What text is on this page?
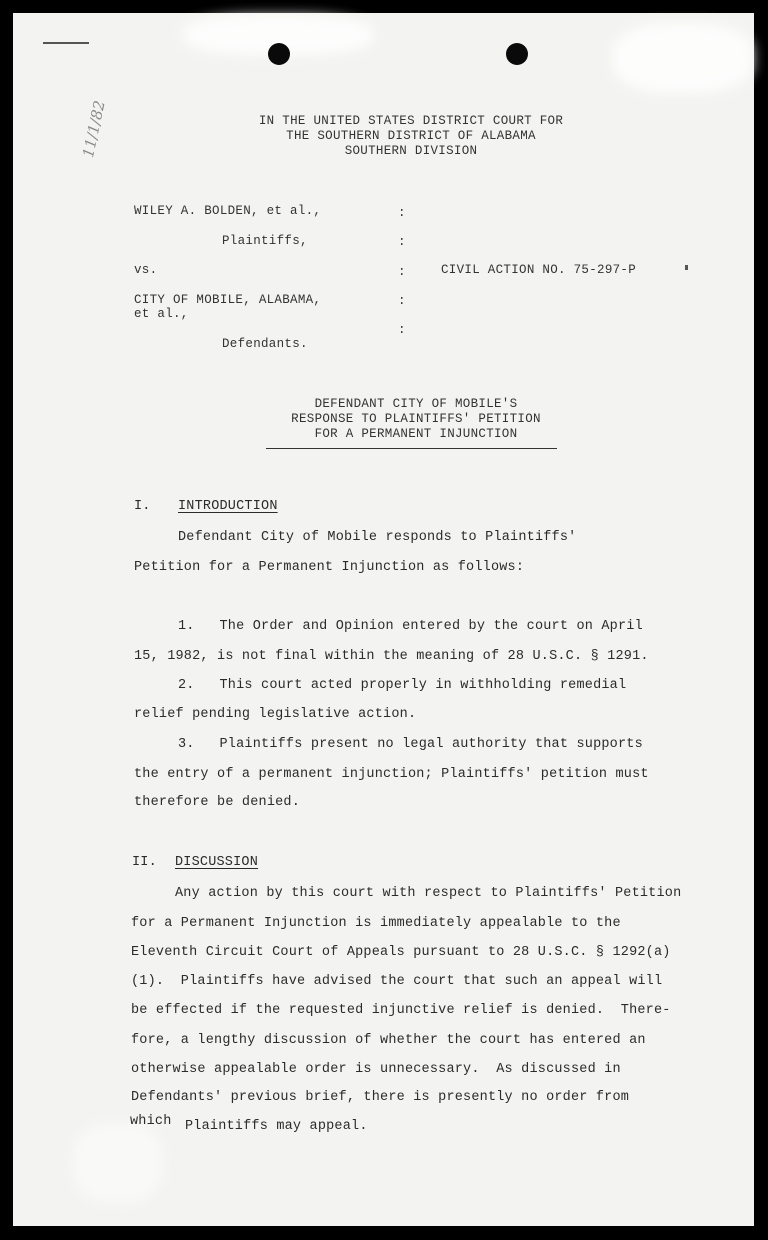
11/1/82	IN THE UNITED STATES DISTRICT COURT FOR
THE SOUTHERN DISTRICT OF ALABAMA
SOUTHERN DIVISION
WILEY A. BOLDEN, et al.,
Plaintiffs,
vs.
CITY OF MOBILE, ALABAMA,
et al.,
Defendants.
:
:
:
:
:
CIVIL ACTION NO. 75-297-P
DEFENDANT CITY OF MOBILE'S
RESPONSE TO PLAINTIFFS' PETITION
FOR A PERMANENT INJUNCTION
I. INTRODUCTION
Defendant City of Mobile responds to Plaintiffs'
Petition for a Permanent Injunction as follows:
1.   The Order and Opinion entered by the court on April
15, 1982, is not final within the meaning of 28 U.S.C. § 1291.
2.   This court acted properly in withholding remedial
relief pending legislative action.
3.   Plaintiffs present no legal authority that supports
the entry of a permanent injunction; Plaintiffs' petition must
therefore be denied.
II. DISCUSSION
Any action by this court with respect to Plaintiffs' Petition
for a Permanent Injunction is immediately appealable to the
Eleventh Circuit Court of Appeals pursuant to 28 U.S.C. § 1292(a)
(1).  Plaintiffs have advised the court that such an appeal will
be effected if the requested injunctive relief is denied.  There-
fore, a lengthy discussion of whether the court has entered an
otherwise appealable order is unnecessary.  As discussed in
Defendants' previous brief, there is presently no order from
which Plaintiffs may appeal.
